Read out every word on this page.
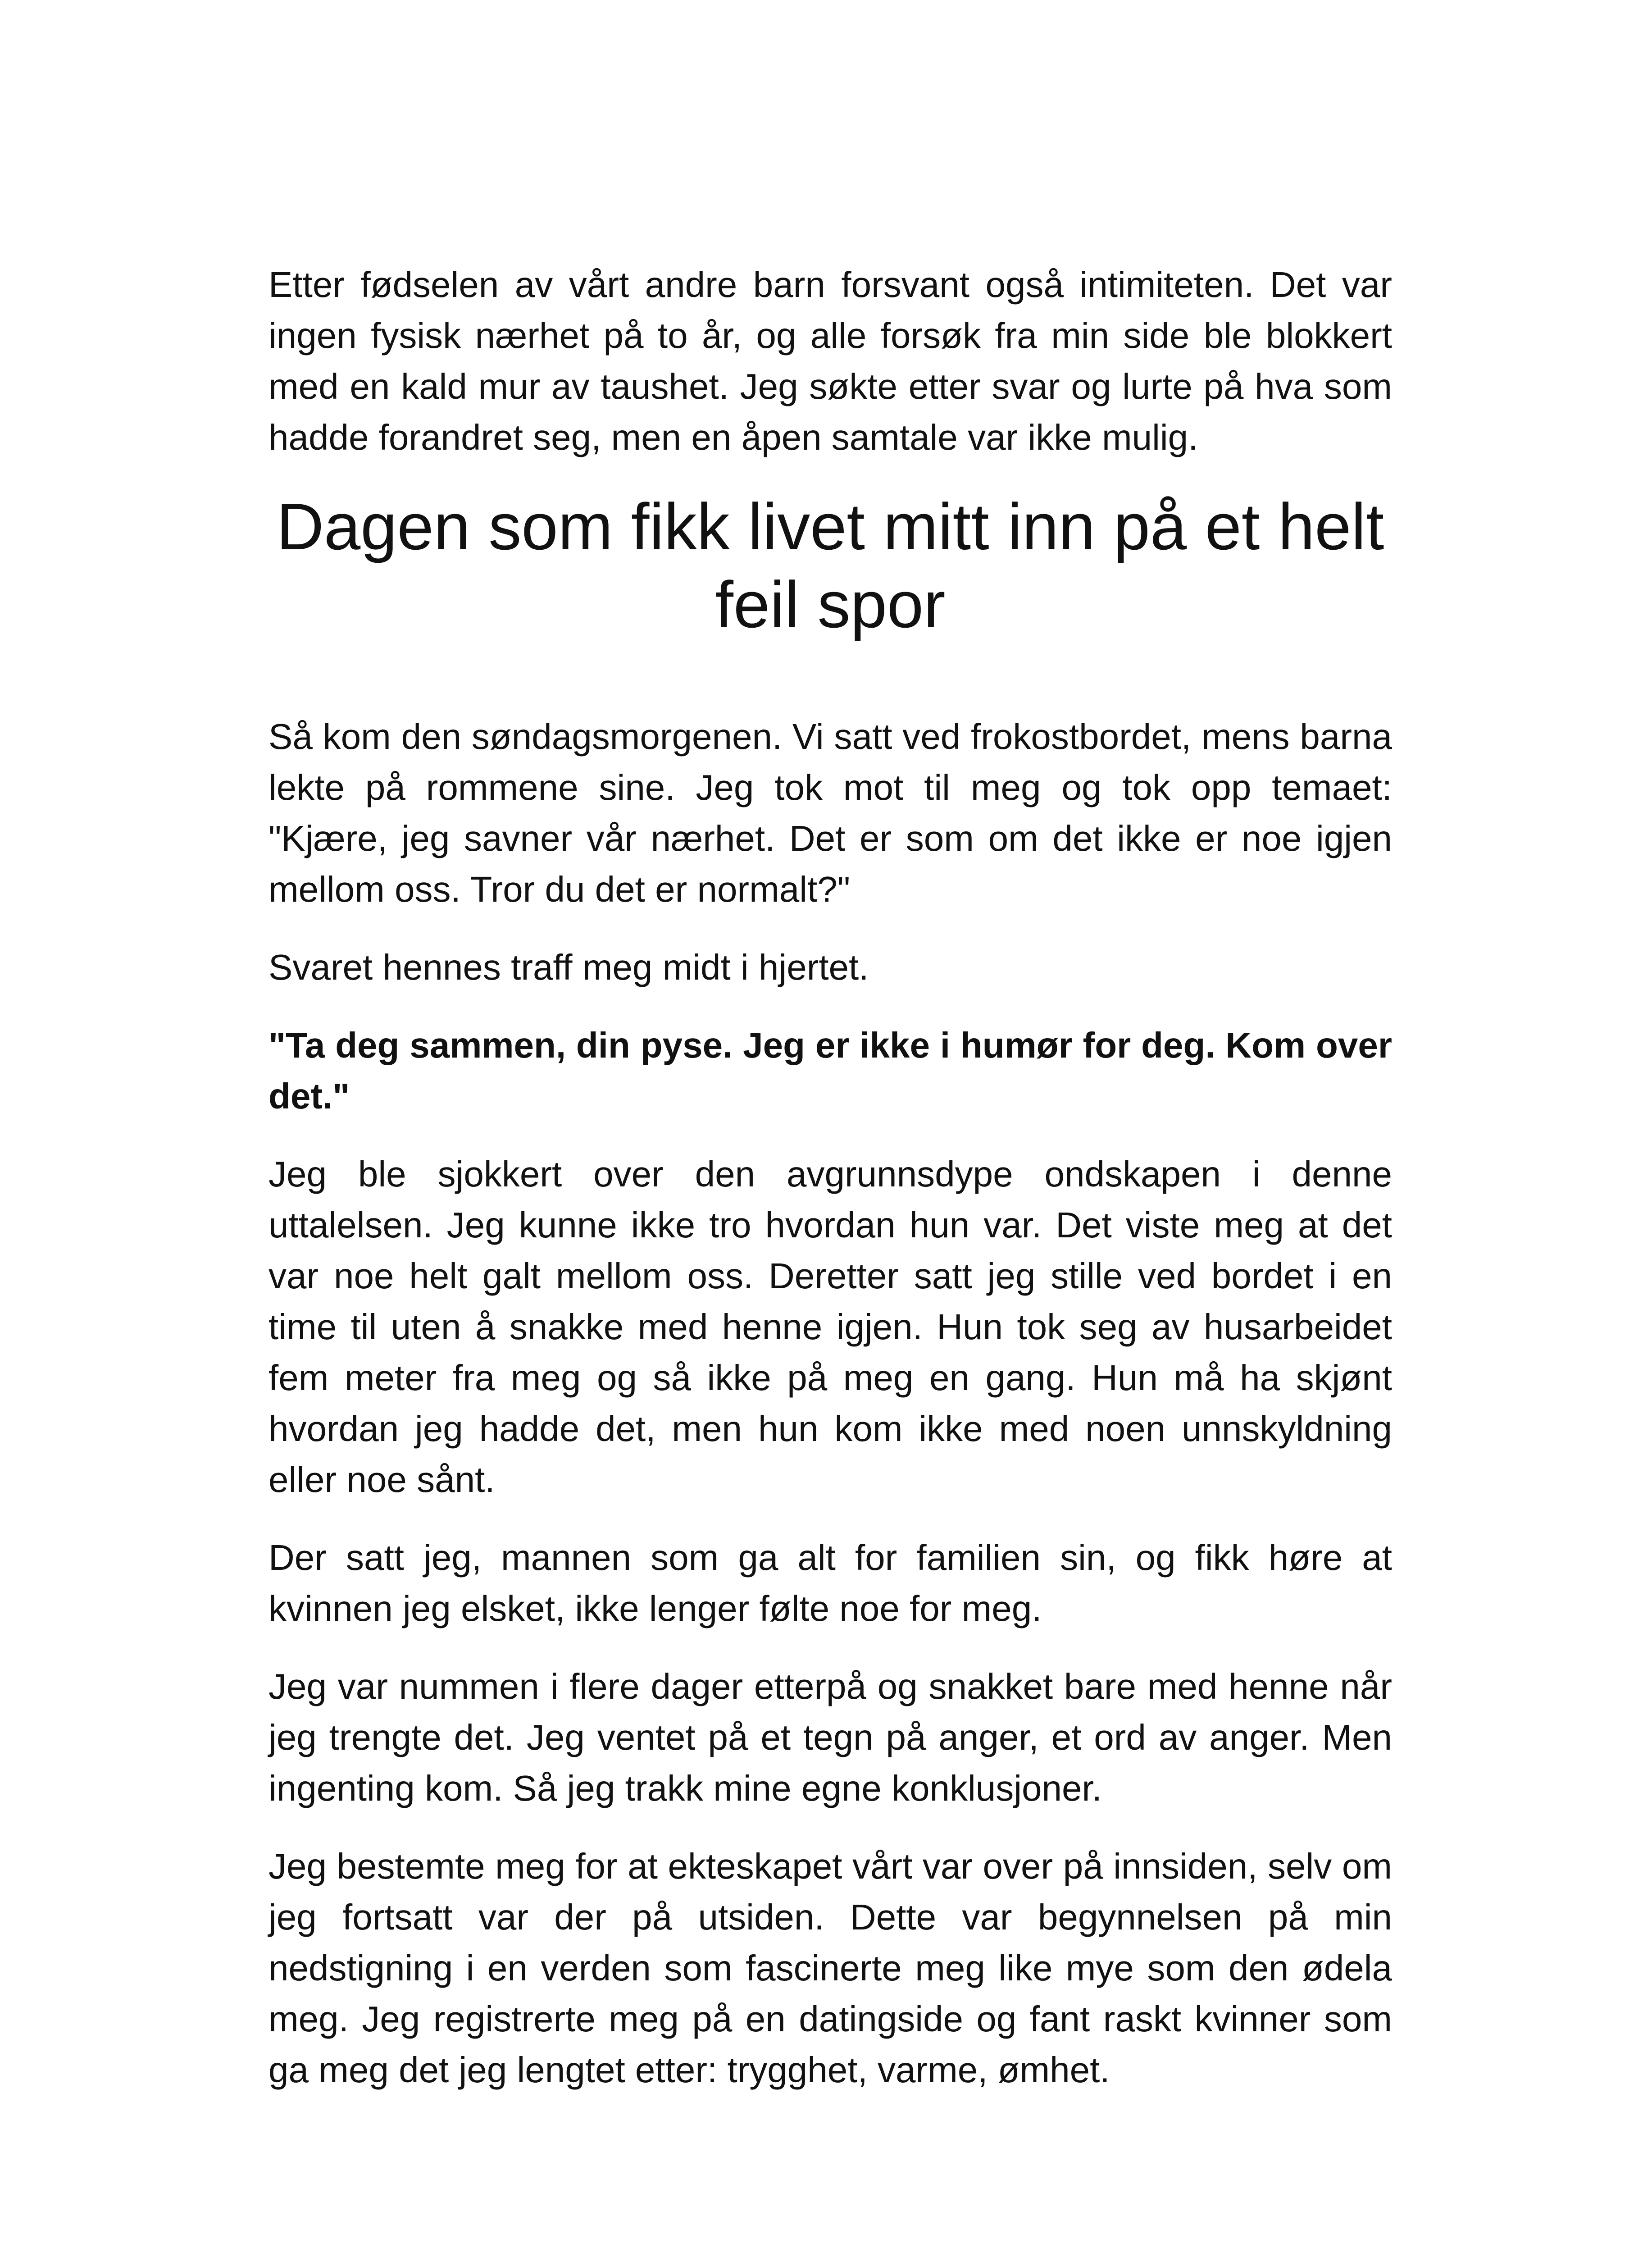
Etter fødselen av vårt andre barn forsvant også intimiteten. Det var ingen fysisk nærhet på to år, og alle forsøk fra min side ble blokkert med en kald mur av taushet. Jeg søkte etter svar og lurte på hva som hadde forandret seg, men en åpen samtale var ikke mulig.

Dagen som fikk livet mitt inn på et helt feil spor

Så kom den søndagsmorgenen. Vi satt ved frokostbordet, mens barna lekte på rommene sine. Jeg tok mot til meg og tok opp temaet: "Kjære, jeg savner vår nærhet. Det er som om det ikke er noe igjen mellom oss. Tror du det er normalt?"

Svaret hennes traff meg midt i hjertet.

"Ta deg sammen, din pyse. Jeg er ikke i humør for deg. Kom over det."

Jeg ble sjokkert over den avgrunnsdype ondskapen i denne uttalelsen. Jeg kunne ikke tro hvordan hun var. Det viste meg at det var noe helt galt mellom oss. Deretter satt jeg stille ved bordet i en time til uten å snakke med henne igjen. Hun tok seg av husarbeidet fem meter fra meg og så ikke på meg en gang. Hun må ha skjønt hvordan jeg hadde det, men hun kom ikke med noen unnskyldning eller noe sånt.

Der satt jeg, mannen som ga alt for familien sin, og fikk høre at kvinnen jeg elsket, ikke lenger følte noe for meg.

Jeg var nummen i flere dager etterpå og snakket bare med henne når jeg trengte det. Jeg ventet på et tegn på anger, et ord av anger. Men ingenting kom. Så jeg trakk mine egne konklusjoner.

Jeg bestemte meg for at ekteskapet vårt var over på innsiden, selv om jeg fortsatt var der på utsiden. Dette var begynnelsen på min nedstigning i en verden som fascinerte meg like mye som den ødela meg. Jeg registrerte meg på en datingside og fant raskt kvinner som ga meg det jeg lengtet etter: trygghet, varme, ømhet.
